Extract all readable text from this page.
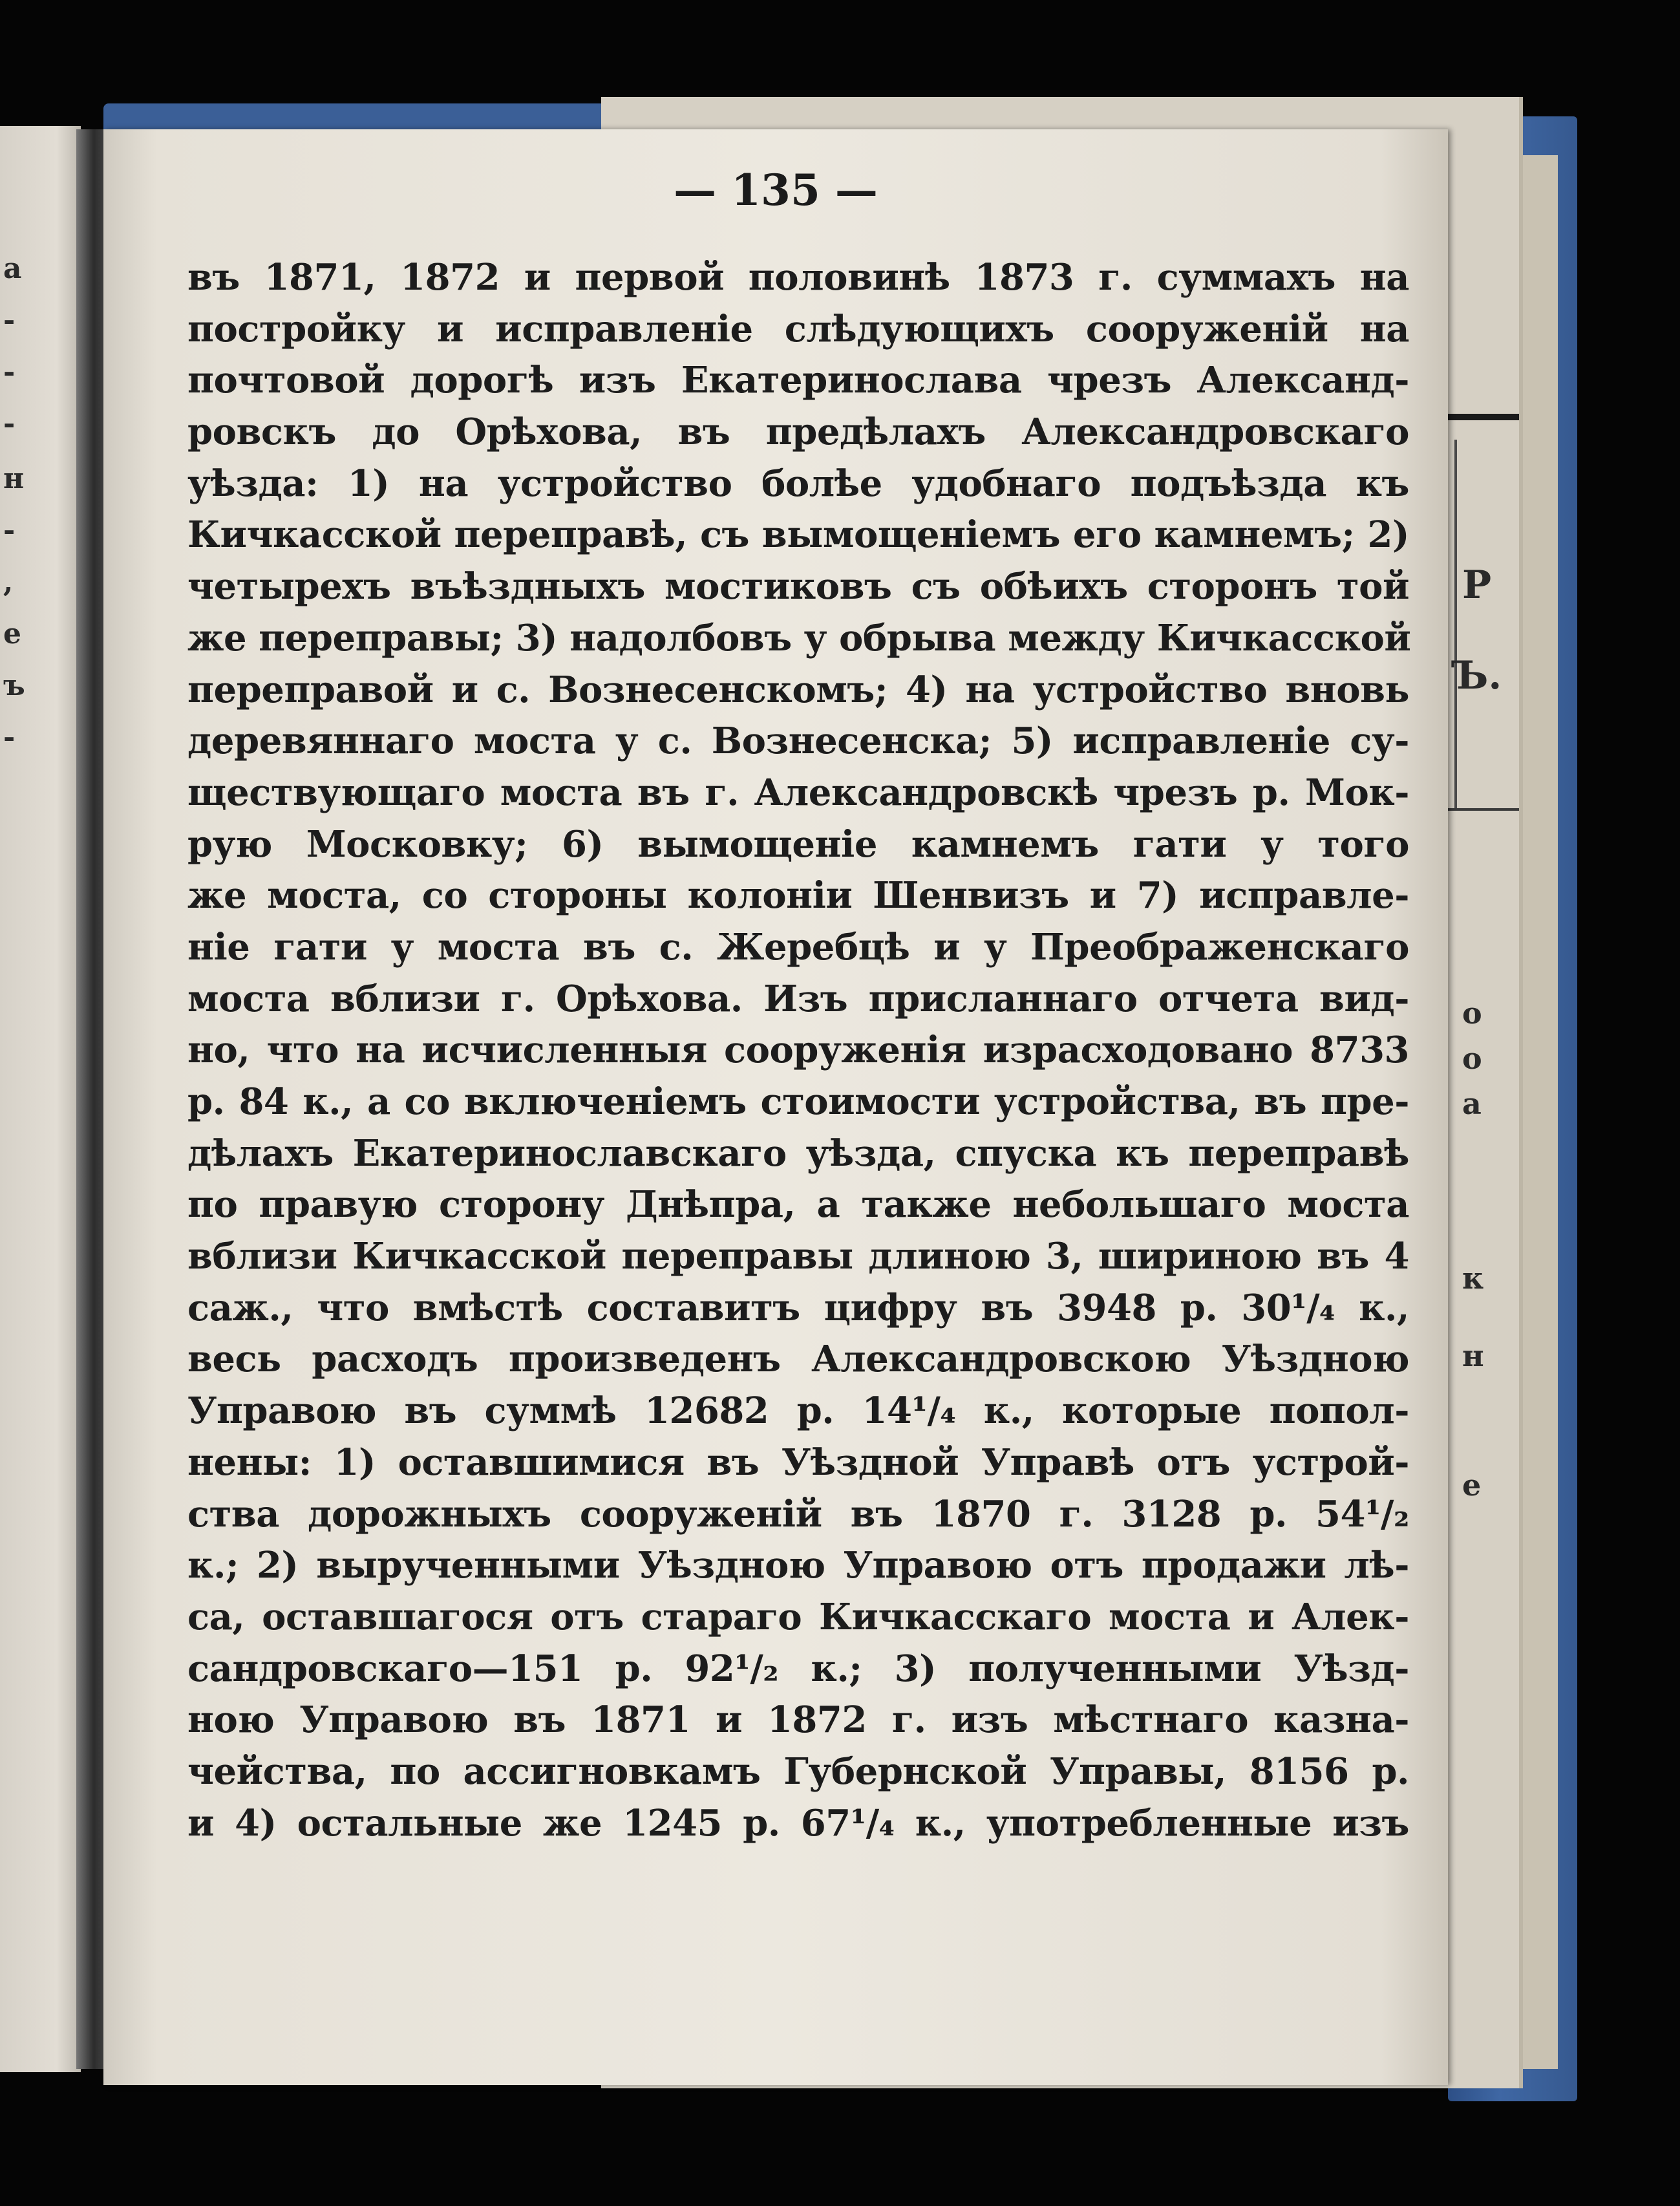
Р
Ъ.
о
о
а
к
н
е
а
-
-
-
н
-
,
е
ъ
-
— 135 —
въ 1871, 1872 и первой половинѣ 1873 г. суммахъ на
постройку и исправленіе слѣдующихъ сооруженій на
почтовой дорогѣ изъ Екатеринослава чрезъ Александ-
ровскъ до Орѣхова, въ предѣлахъ Александровскаго
уѣзда: 1) на устройство болѣе удобнаго подъѣзда къ
Кичкасской переправѣ, съ вымощеніемъ его камнемъ; 2)
четырехъ въѣздныхъ мостиковъ съ обѣихъ сторонъ той
же переправы; 3) надолбовъ у обрыва между Кичкасской
переправой и с. Вознесенскомъ; 4) на устройство вновь
деревяннаго моста у с. Вознесенска; 5) исправленіе су-
ществующаго моста въ г. Александровскѣ чрезъ р. Мок-
рую Московку; 6) вымощеніе камнемъ гати у того
же моста, со стороны колоніи Шенвизъ и 7) исправле-
ніе гати у моста въ с. Жеребцѣ и у Преображенскаго
моста вблизи г. Орѣхова. Изъ присланнаго отчета вид-
но, что на исчисленныя сооруженія израсходовано 8733
р. 84 к., а со включеніемъ стоимости устройства, въ пре-
дѣлахъ Екатеринославскаго уѣзда, спуска къ переправѣ
по правую сторону Днѣпра, а также небольшаго моста
вблизи Кичкасской переправы длиною 3, шириною въ 4
саж., что вмѣстѣ составитъ цифру въ 3948 р. 30¹/₄ к.,
весь расходъ произведенъ Александровскою Уѣздною
Управою въ суммѣ 12682 р. 14¹/₄ к., которые попол-
нены: 1) оставшимися въ Уѣздной Управѣ отъ устрой-
ства дорожныхъ сооруженій въ 1870 г. 3128 р. 54¹/₂
к.; 2) вырученными Уѣздною Управою отъ продажи лѣ-
са, оставшагося отъ стараго Кичкасскаго моста и Алек-
сандровскаго—151 р. 92¹/₂ к.; 3) полученными Уѣзд-
ною Управою въ 1871 и 1872 г. изъ мѣстнаго казна-
чейства, по ассигновкамъ Губернской Управы, 8156 р.
и 4) остальные же 1245 р. 67¹/₄ к., употребленные изъ
